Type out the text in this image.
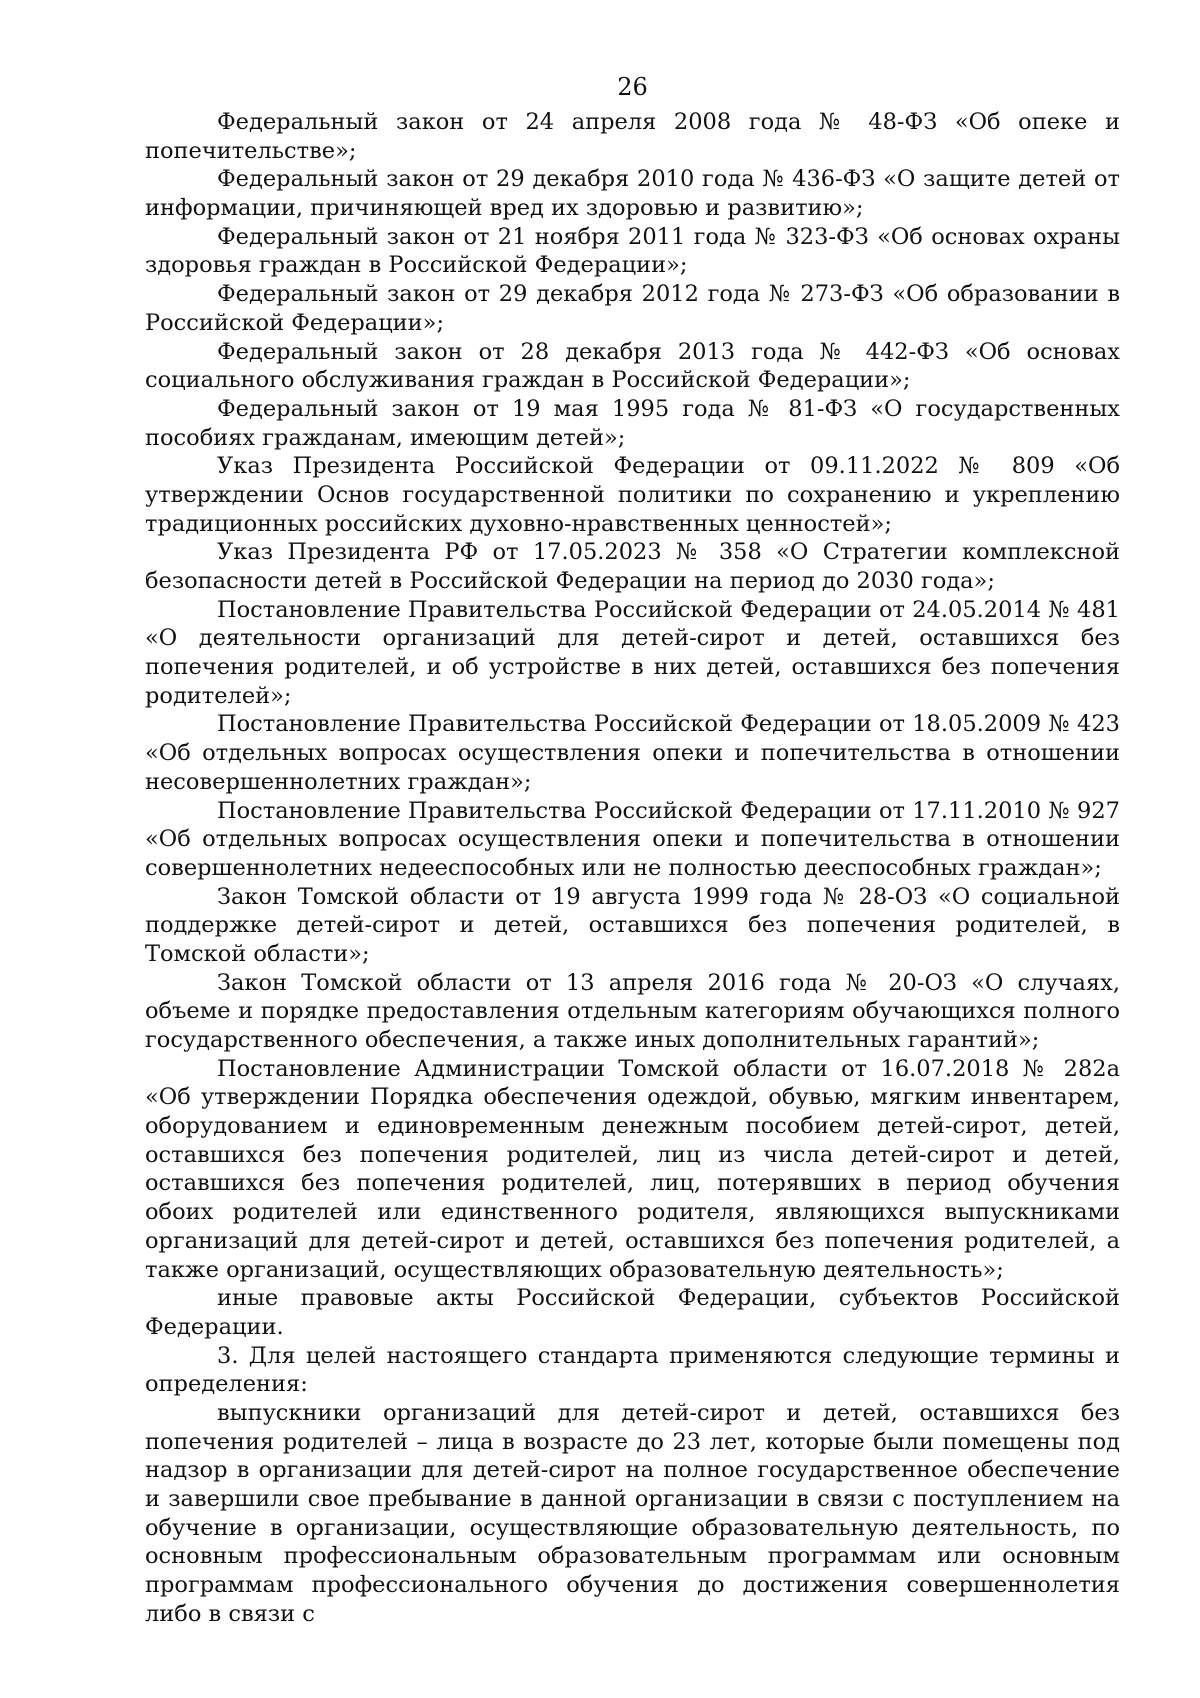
26

Федеральный закон от 24 апреля 2008 года № 48-ФЗ «Об опеке и попечительстве»;

Федеральный закон от 29 декабря 2010 года № 436-ФЗ «О защите детей от информации, причиняющей вред их здоровью и развитию»;

Федеральный закон от 21 ноября 2011 года № 323-ФЗ «Об основах охраны здоровья граждан в Российской Федерации»;

Федеральный закон от 29 декабря 2012 года № 273-ФЗ «Об образовании в Российской Федерации»;

Федеральный закон от 28 декабря 2013 года № 442-ФЗ «Об основах социального обслуживания граждан в Российской Федерации»;

Федеральный закон от 19 мая 1995 года № 81-ФЗ «О государственных пособиях гражданам, имеющим детей»;

Указ Президента Российской Федерации от 09.11.2022 № 809 «Об утверждении Основ государственной политики по сохранению и укреплению традиционных российских духовно-нравственных ценностей»;

Указ Президента РФ от 17.05.2023 № 358 «О Стратегии комплексной безопасности детей в Российской Федерации на период до 2030 года»;

Постановление Правительства Российской Федерации от 24.05.2014 № 481 «О деятельности организаций для детей-сирот и детей, оставшихся без попечения родителей, и об устройстве в них детей, оставшихся без попечения родителей»;

Постановление Правительства Российской Федерации от 18.05.2009 № 423 «Об отдельных вопросах осуществления опеки и попечительства в отношении несовершеннолетних граждан»;

Постановление Правительства Российской Федерации от 17.11.2010 № 927 «Об отдельных вопросах осуществления опеки и попечительства в отношении совершеннолетних недееспособных или не полностью дееспособных граждан»;

Закон Томской области от 19 августа 1999 года № 28-ОЗ «О социальной поддержке детей-сирот и детей, оставшихся без попечения родителей, в Томской области»;

Закон Томской области от 13 апреля 2016 года № 20-ОЗ «О случаях, объеме и порядке предоставления отдельным категориям обучающихся полного государственного обеспечения, а также иных дополнительных гарантий»;

Постановление Администрации Томской области от 16.07.2018 № 282а «Об утверждении Порядка обеспечения одеждой, обувью, мягким инвентарем, оборудованием и единовременным денежным пособием детей-сирот, детей, оставшихся без попечения родителей, лиц из числа детей-сирот и детей, оставшихся без попечения родителей, лиц, потерявших в период обучения обоих родителей или единственного родителя, являющихся выпускниками организаций для детей-сирот и детей, оставшихся без попечения родителей, а также организаций, осуществляющих образовательную деятельность»;

иные правовые акты Российской Федерации, субъектов Российской Федерации.

3. Для целей настоящего стандарта применяются следующие термины и определения:

выпускники организаций для детей-сирот и детей, оставшихся без попечения родителей – лица в возрасте до 23 лет, которые были помещены под надзор в организации для детей-сирот на полное государственное обеспечение и завершили свое пребывание в данной организации в связи с поступлением на обучение в организации, осуществляющие образовательную деятельность, по основным профессиональным образовательным программам или основным программам профессионального обучения до достижения совершеннолетия либо в связи с
